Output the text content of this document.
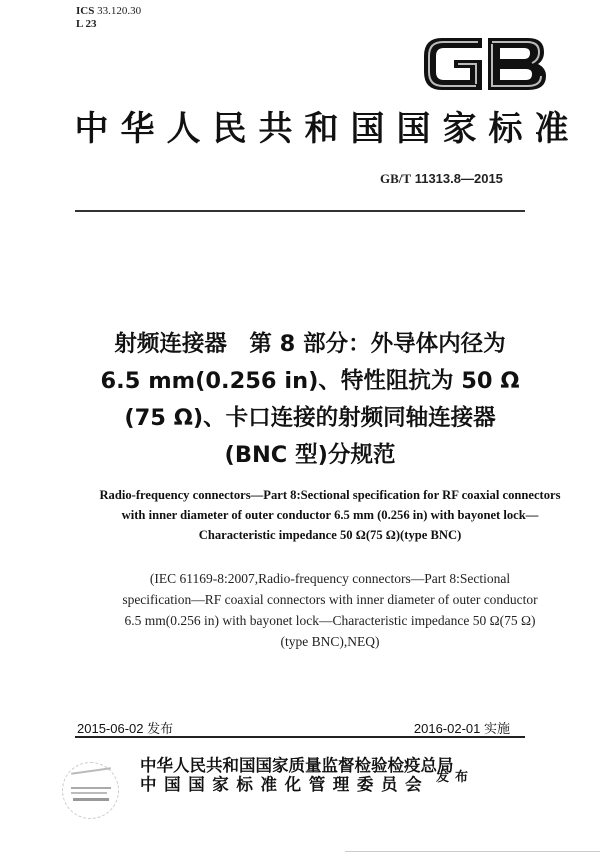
ICS 33.120.30
L 23
中华人民共和国国家标准
GB/T 11313.8—2015
射频连接器　第 8 部分：外导体内径为
6.5 mm(0.256 in)、特性阻抗为 50 Ω
(75 Ω)、卡口连接的射频同轴连接器
(BNC 型)分规范
Radio-frequency connectors—Part 8:Sectional specification for RF coaxial connectors
with inner diameter of outer conductor 6.5 mm (0.256 in) with bayonet lock—
Characteristic impedance 50 Ω(75 Ω)(type BNC)
(IEC 61169-8:2007,Radio-frequency connectors—Part 8:Sectional
specification—RF coaxial connectors with inner diameter of outer conductor
6.5 mm(0.256 in) with bayonet lock—Characteristic impedance 50 Ω(75 Ω)
(type BNC),NEQ)
2015-06-02 发布	2016-02-01 实施
中华人民共和国国家质量监督检验检疫总局
中国国家标准化管理委员会 发布
